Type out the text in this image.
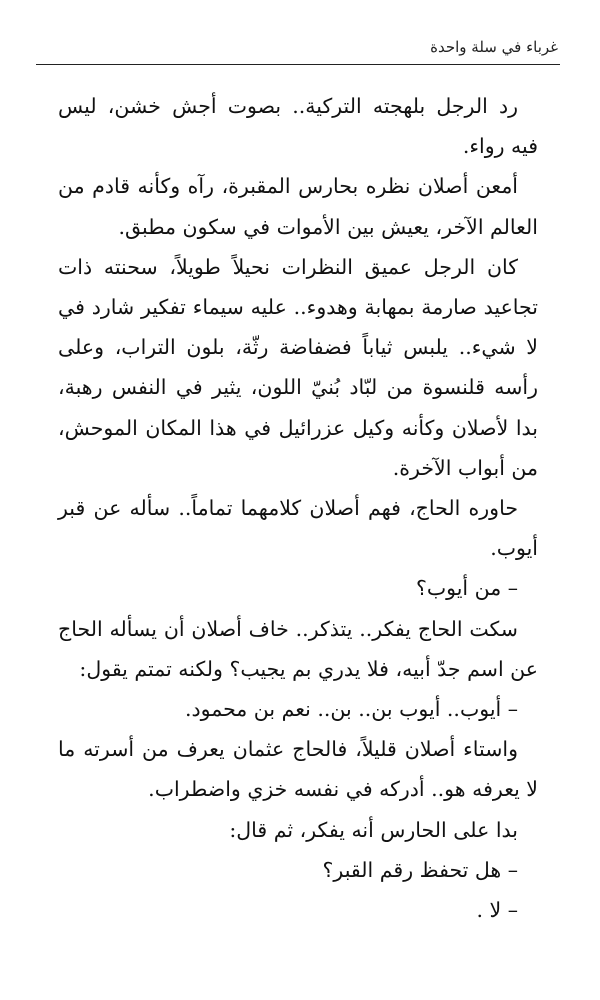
غرباء في سلة واحدة

رد الرجل بلهجته التركية.. بصوت أجش خشن، ليس فيه رواء.

أمعن أصلان نظره بحارس المقبرة، رآه وكأنه قادم من العالم الآخر، يعيش بين الأموات في سكون مطبق.

كان الرجل عميق النظرات نحيلاً طويلاً، سحنته ذات تجاعيد صارمة بمهابة وهدوء.. عليه سيماء تفكير شارد في لا شيء.. يلبس ثياباً فضفاضة رثّة، بلون التراب، وعلى رأسه قلنسوة من لبّاد بُنيّ اللون، يثير في النفس رهبة، بدا لأصلان وكأنه وكيل عزرائيل في هذا المكان الموحش، من أبواب الآخرة.

حاوره الحاج، فهم أصلان كلامهما تماماً.. سأله عن قبر أيوب.

– من أيوب؟

سكت الحاج يفكر.. يتذكر.. خاف أصلان أن يسأله الحاج عن اسم جدّ أبيه، فلا يدري بم يجيب؟ ولكنه تمتم يقول:

– أيوب.. أيوب بن.. بن.. نعم بن محمود.

واستاء أصلان قليلاً، فالحاج عثمان يعرف من أسرته ما لا يعرفه هو.. أدركه في نفسه خزي واضطراب.

بدا على الحارس أنه يفكر، ثم قال:

– هل تحفظ رقم القبر؟

– لا .
